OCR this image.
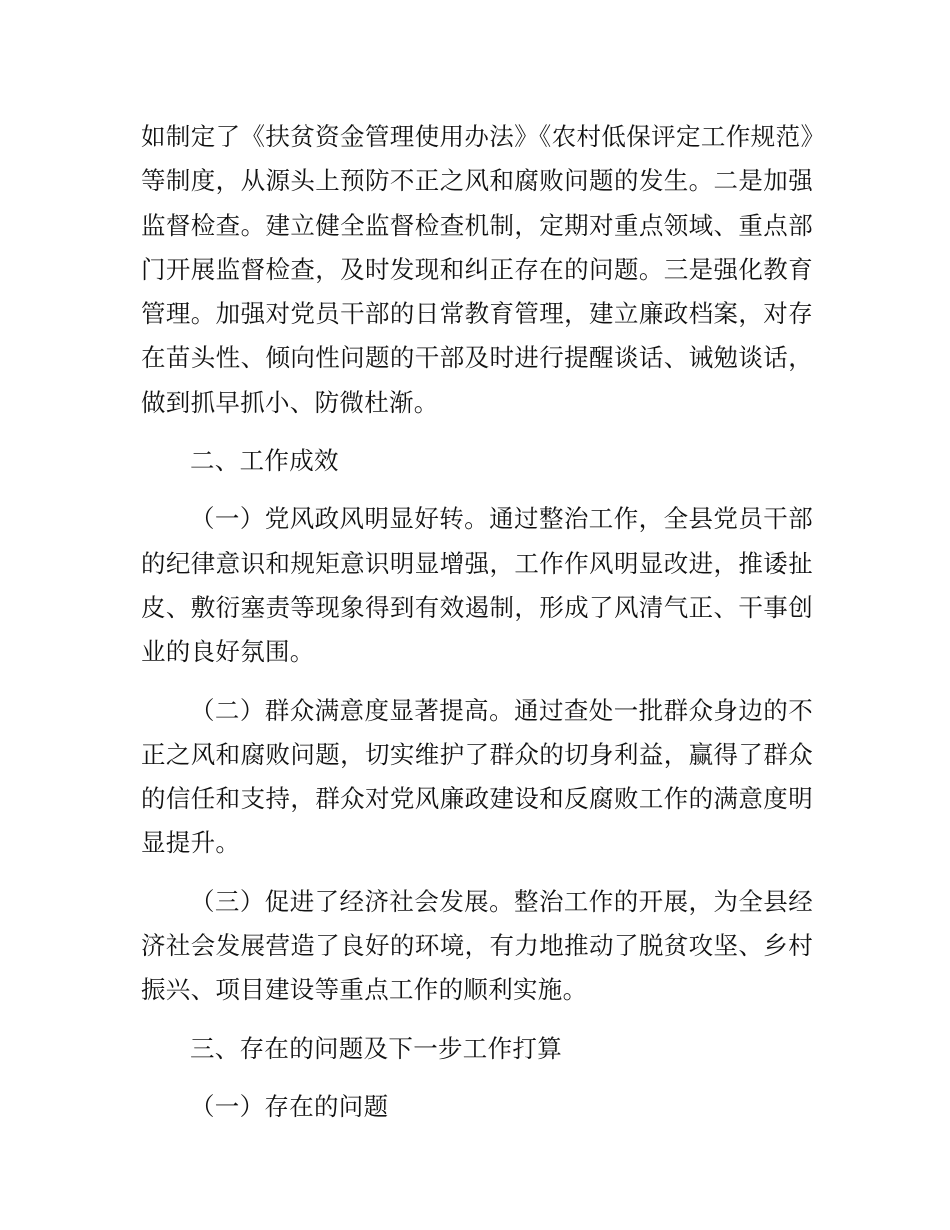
如制定了《扶贫资金管理使用办法》《农村低保评定工作规范》等制度，从源头上预防不正之风和腐败问题的发生。二是加强监督检查。建立健全监督检查机制，定期对重点领域、重点部门开展监督检查，及时发现和纠正存在的问题。三是强化教育管理。加强对党员干部的日常教育管理，建立廉政档案，对存在苗头性、倾向性问题的干部及时进行提醒谈话、诫勉谈话，做到抓早抓小、防微杜渐。

二、工作成效

（一）党风政风明显好转。通过整治工作，全县党员干部的纪律意识和规矩意识明显增强，工作作风明显改进，推诿扯皮、敷衍塞责等现象得到有效遏制，形成了风清气正、干事创业的良好氛围。

（二）群众满意度显著提高。通过查处一批群众身边的不正之风和腐败问题，切实维护了群众的切身利益，赢得了群众的信任和支持，群众对党风廉政建设和反腐败工作的满意度明显提升。

（三）促进了经济社会发展。整治工作的开展，为全县经济社会发展营造了良好的环境，有力地推动了脱贫攻坚、乡村振兴、项目建设等重点工作的顺利实施。

三、存在的问题及下一步工作打算

（一）存在的问题
